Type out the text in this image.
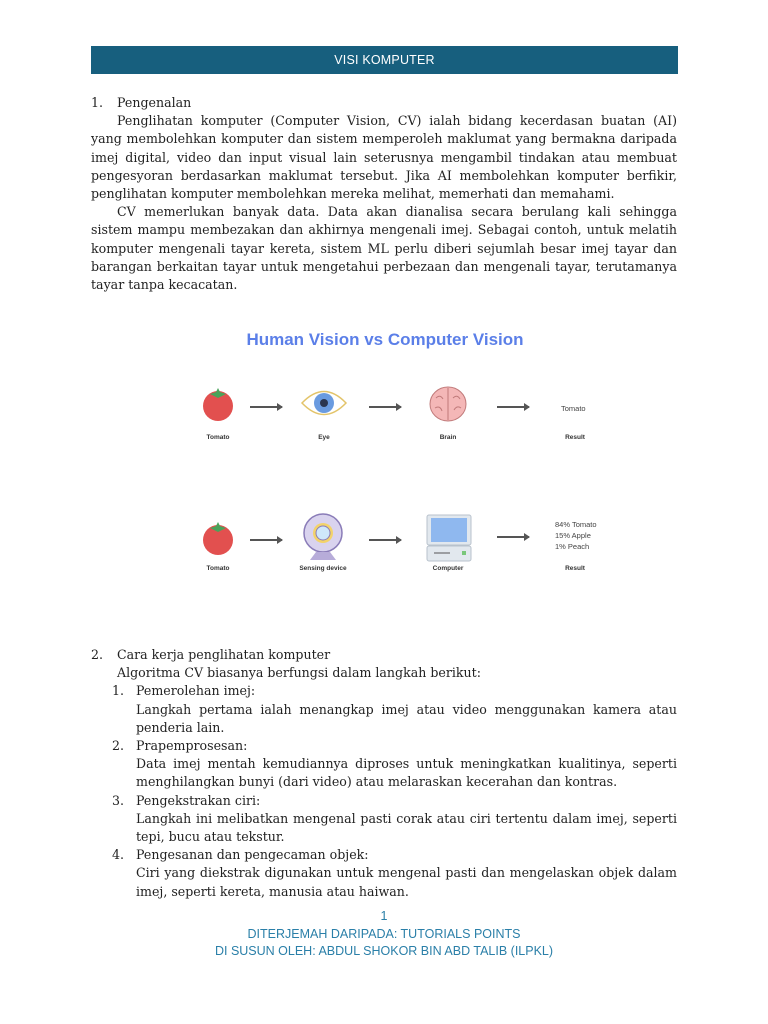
VISI KOMPUTER
1.	Pengenalan

Penglihatan komputer (Computer Vision, CV) ialah bidang kecerdasan buatan (AI) yang membolehkan komputer dan sistem memperoleh maklumat yang bermakna daripada imej digital, video dan input visual lain seterusnya mengambil tindakan atau membuat pengesyoran berdasarkan maklumat tersebut. Jika AI membolehkan komputer berfikir, penglihatan komputer membolehkan mereka melihat, memerhati dan memahami.

CV memerlukan banyak data. Data akan dianalisa secara berulang kali sehingga sistem mampu membezakan dan akhirnya mengenali imej. Sebagai contoh, untuk melatih komputer mengenali tayar kereta, sistem ML perlu diberi sejumlah besar imej tayar dan barangan berkaitan tayar untuk mengetahui perbezaan dan mengenali tayar, terutamanya tayar tanpa kecacatan.

Human Vision vs Computer Vision
Tomato
Tomato	Eye	Brain	Result
84% Tomato
15% Apple
1% Peach
Tomato	Sensing device	Computer	Result
2.	Cara kerja penglihatan komputer

Algoritma CV biasanya berfungsi dalam langkah berikut:

1. Pemerolehan imej:

Langkah pertama ialah menangkap imej atau video menggunakan kamera atau penderia lain.

2. Prapemprosesan:

Data imej mentah kemudiannya diproses untuk meningkatkan kualitinya, seperti menghilangkan bunyi (dari video) atau melaraskan kecerahan dan kontras.

3. Pengekstrakan ciri:

Langkah ini melibatkan mengenal pasti corak atau ciri tertentu dalam imej, seperti tepi, bucu atau tekstur.

4. Pengesanan dan pengecaman objek:

Ciri yang diekstrak digunakan untuk mengenal pasti dan mengelaskan objek dalam imej, seperti kereta, manusia atau haiwan.

1
DITERJEMAH DARIPADA: TUTORIALS POINTS
DI SUSUN OLEH: ABDUL SHOKOR BIN ABD TALIB (ILPKL)
